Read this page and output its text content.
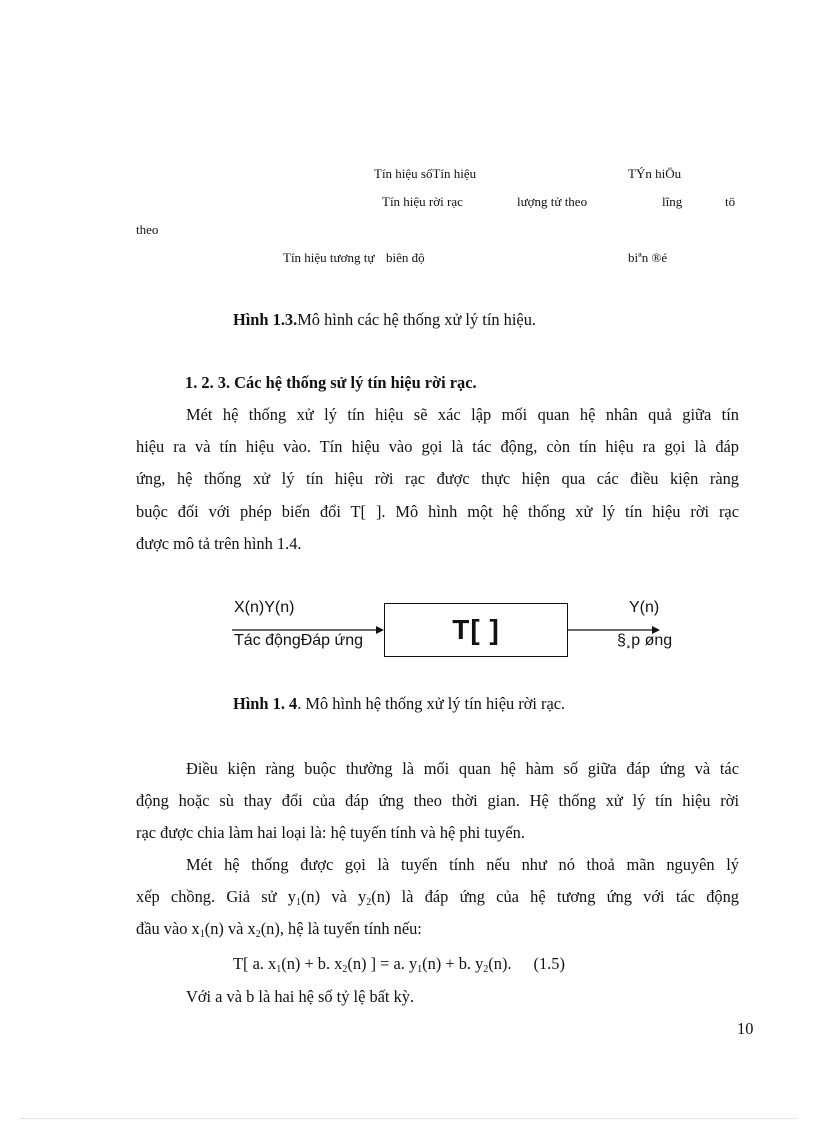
Tín hiệu sốTín hiệu	TÝn hiÖu
Tín hiệu rời rạc	lượng tử theo	lîng	tö
theo
Tín hiệu tương tự biên độ	biªn ®é
Hình 1.3.Mô hình các hệ thống xử lý tín hiệu.
1. 2. 3. Các hệ thống sử lý tín hiệu rời rạc.
Mét hệ thống xử lý tín hiệu sẽ xác lập mối quan hệ nhân quả giữa tín
hiệu ra và tín hiệu vào. Tín hiệu vào gọi là tác động, còn tín hiệu ra gọi là đáp
ứng, hệ thống xử lý tín hiệu rời rạc được thực hiện qua các điều kiện ràng
buộc đối với phép biến đổi T[ ]. Mô hình một hệ thống xử lý tín hiệu rời rạc
được mô tả trên hình 1.4.
X(n)Y(n)
Tác độngĐáp ứng	T[ ]
Y(n)
§¸p øng
Hình 1. 4. Mô hình hệ thống xử lý tín hiệu rời rạc.
Điều kiện ràng buộc thường là mối quan hệ hàm số giữa đáp ứng và tác
động hoặc sù thay đổi của đáp ứng theo thời gian. Hệ thống xử lý tín hiệu rời
rạc được chia làm hai loại là: hệ tuyến tính và hệ phi tuyến.
Mét hệ thống được gọi là tuyến tính nếu như nó thoả mãn nguyên lý
xếp chồng. Giả sử $y_1(n)$ và $y_2(n)$ là đáp ứng của hệ tương ứng với tác động
đầu vào $x_1(n)$ và $x_2(n)$, hệ là tuyến tính nếu:
T[ a. $x_1(n) + b$. $x_2(n)$ ] = a. $y_1(n) + b$. $y_2(n)$. (1.5)
Với a và b là hai hệ số tỷ lệ bất kỳ.
10
